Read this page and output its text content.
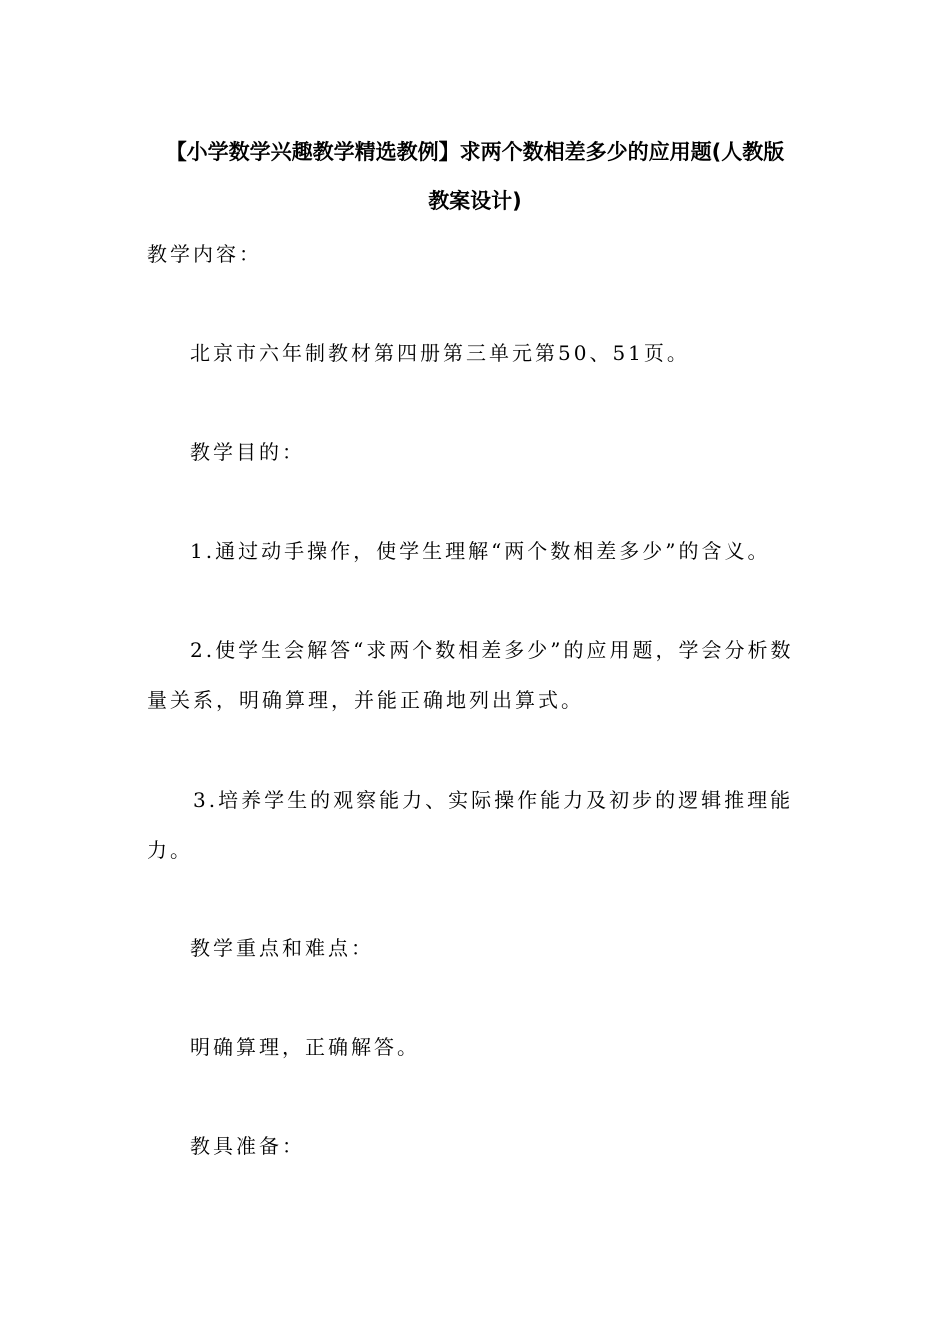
【小学数学兴趣教学精选教例】求两个数相差多少的应用题(人教版
教案设计)
教学内容：
北京市六年制教材第四册第三单元第50、51页。
教学目的：
1.通过动手操作，使学生理解“两个数相差多少”的含义。
2.使学生会解答“求两个数相差多少”的应用题，学会分析数
量关系，明确算理，并能正确地列出算式。
3.培养学生的观察能力、实际操作能力及初步的逻辑推理能
力。
教学重点和难点：
明确算理，正确解答。
教具准备：
